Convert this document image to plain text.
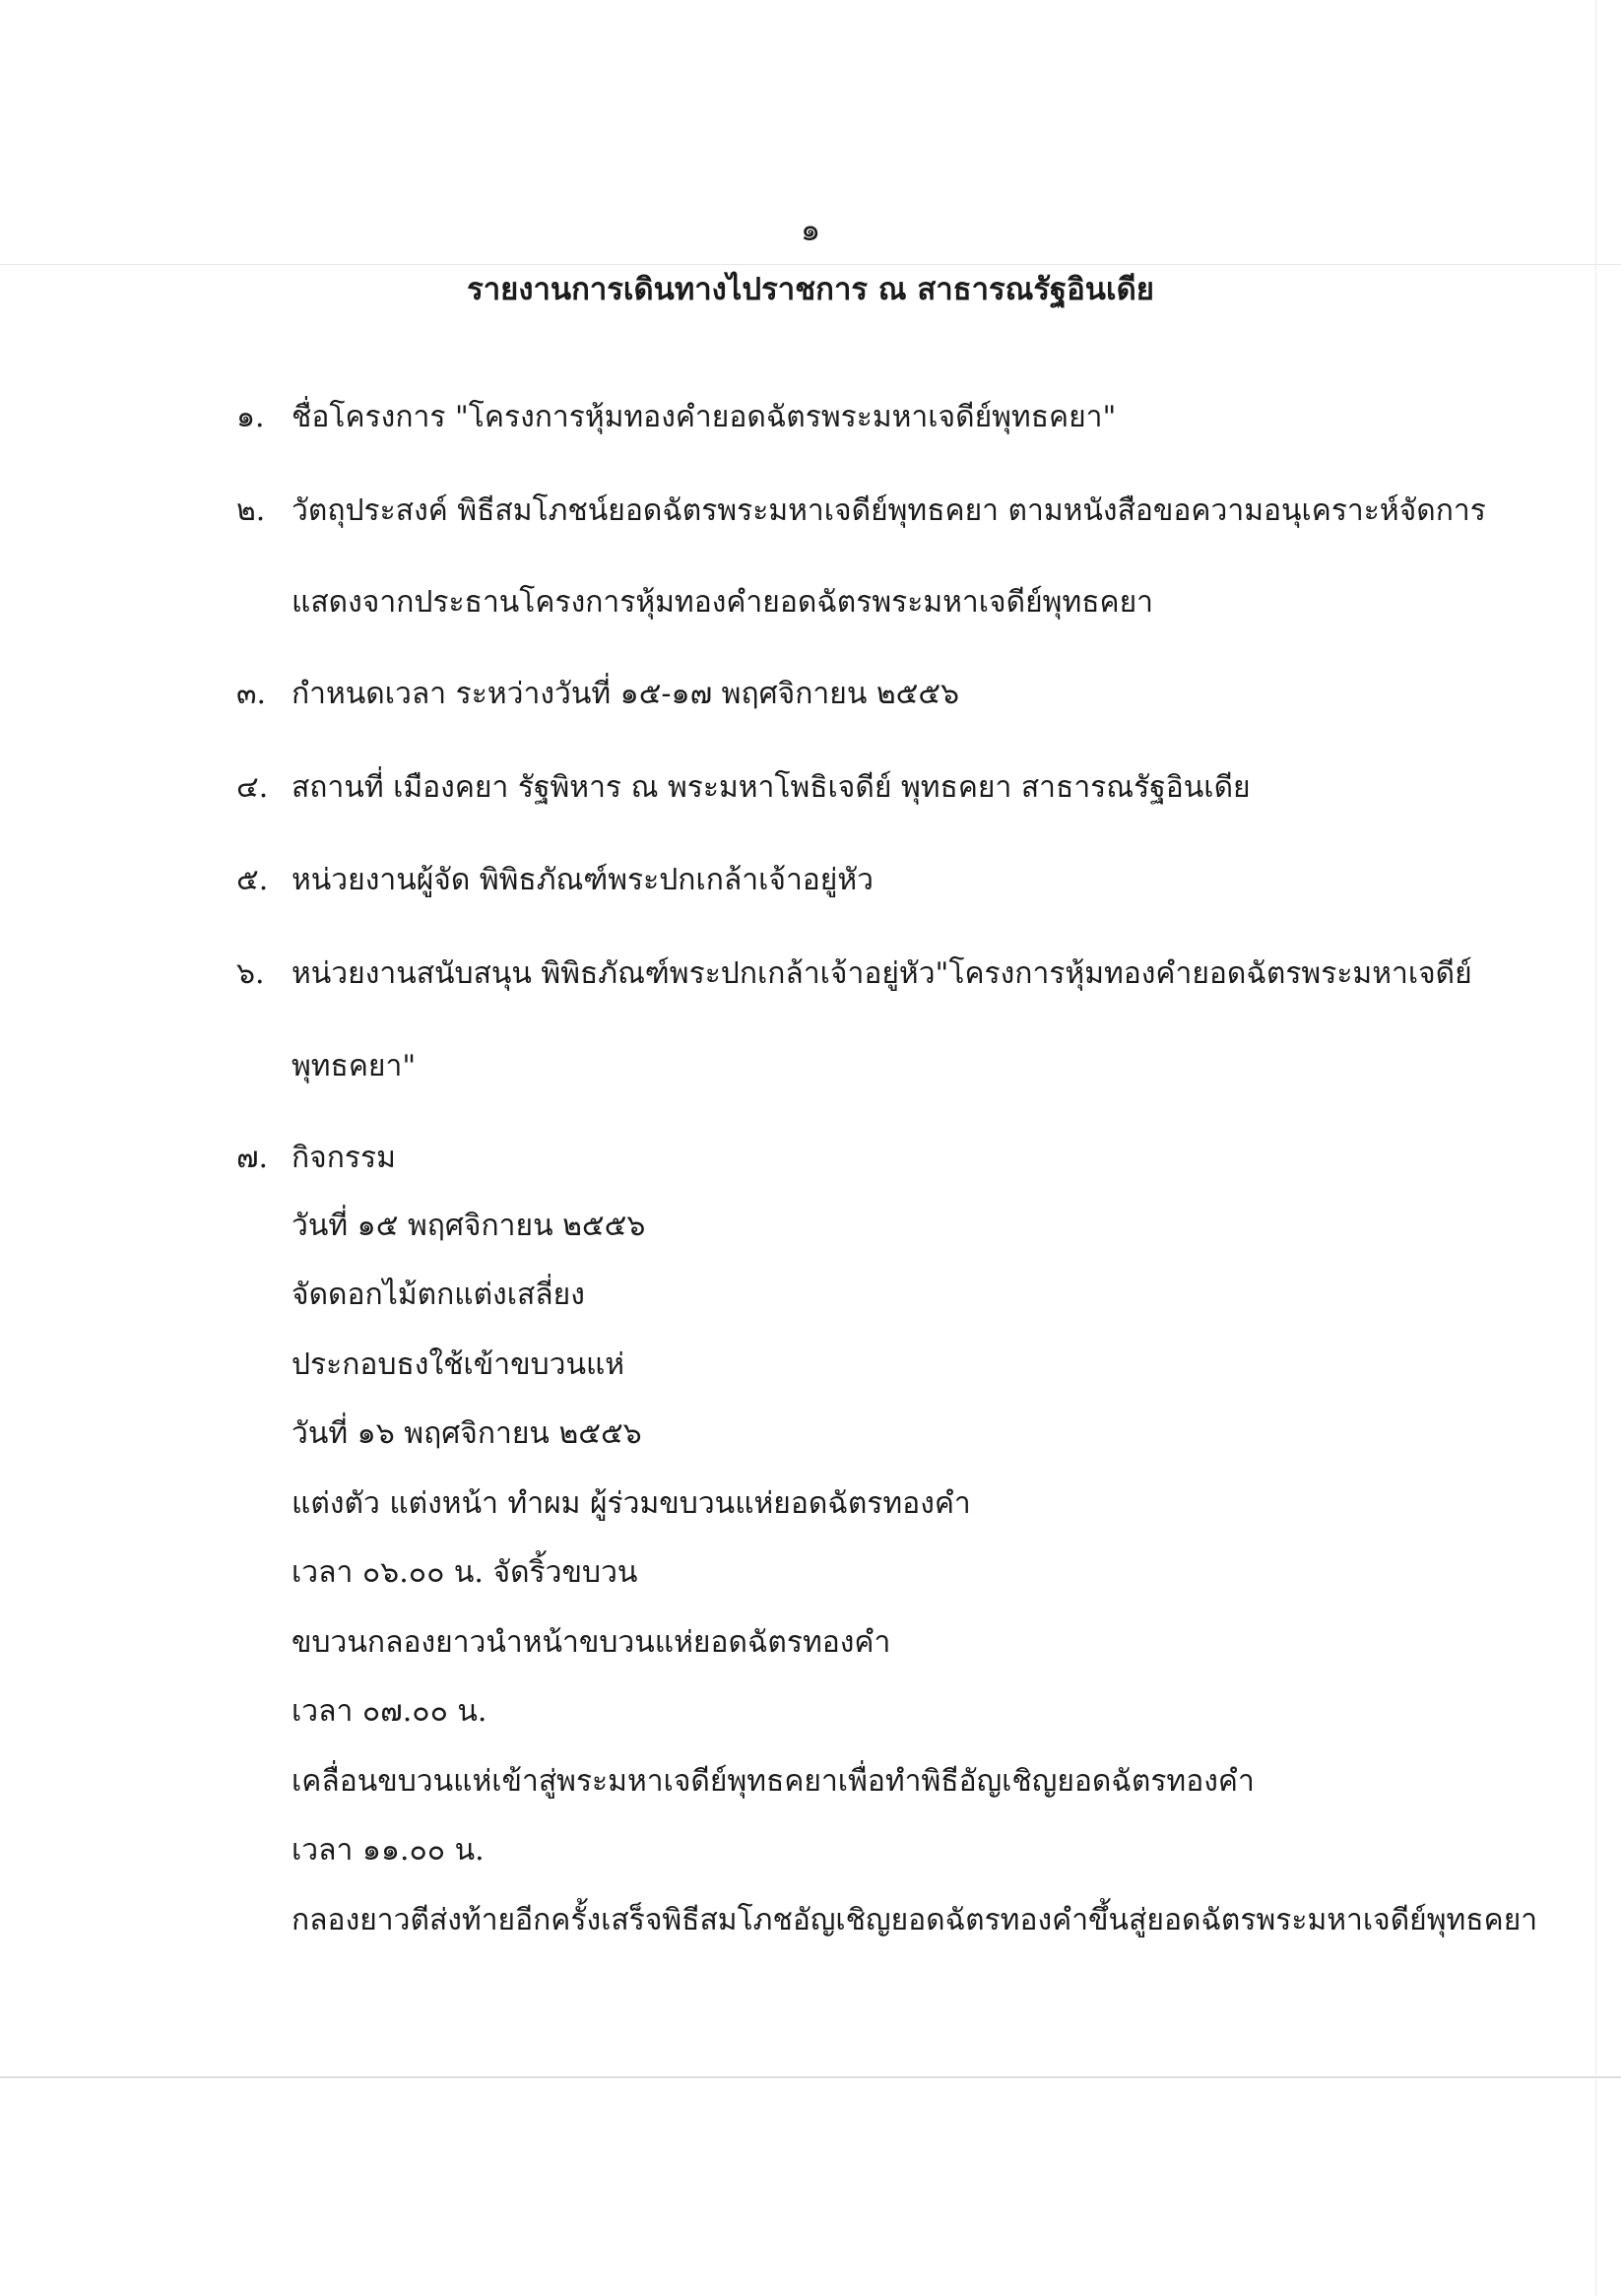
๑
รายงานการเดินทางไปราชการ ณ สาธารณรัฐอินเดีย
๑. ชื่อโครงการ "โครงการหุ้มทองคำยอดฉัตรพระมหาเจดีย์พุทธคยา"
๒. วัตถุประสงค์ พิธีสมโภชน์ยอดฉัตรพระมหาเจดีย์พุทธคยา ตามหนังสือขอความอนุเคราะห์จัดการ
แสดงจากประธานโครงการหุ้มทองคำยอดฉัตรพระมหาเจดีย์พุทธคยา
๓. กำหนดเวลา ระหว่างวันที่ ๑๕-๑๗ พฤศจิกายน ๒๕๕๖
๔. สถานที่ เมืองคยา รัฐพิหาร ณ พระมหาโพธิเจดีย์ พุทธคยา สาธารณรัฐอินเดีย
๕. หน่วยงานผู้จัด พิพิธภัณฑ์พระปกเกล้าเจ้าอยู่หัว
๖. หน่วยงานสนับสนุน พิพิธภัณฑ์พระปกเกล้าเจ้าอยู่หัว"โครงการหุ้มทองคำยอดฉัตรพระมหาเจดีย์
พุทธคยา"
๗. กิจกรรม
วันที่ ๑๕ พฤศจิกายน ๒๕๕๖
จัดดอกไม้ตกแต่งเสลี่ยง
ประกอบธงใช้เข้าขบวนแห่
วันที่ ๑๖ พฤศจิกายน ๒๕๕๖
แต่งตัว แต่งหน้า ทำผม ผู้ร่วมขบวนแห่ยอดฉัตรทองคำ
เวลา ๐๖.๐๐ น. จัดริ้วขบวน
ขบวนกลองยาวนำหน้าขบวนแห่ยอดฉัตรทองคำ
เวลา ๐๗.๐๐ น.
เคลื่อนขบวนแห่เข้าสู่พระมหาเจดีย์พุทธคยาเพื่อทำพิธีอัญเชิญยอดฉัตรทองคำ
เวลา ๑๑.๐๐ น.
กลองยาวตีส่งท้ายอีกครั้งเสร็จพิธีสมโภชอัญเชิญยอดฉัตรทองคำขึ้นสู่ยอดฉัตรพระมหาเจดีย์พุทธคยา
